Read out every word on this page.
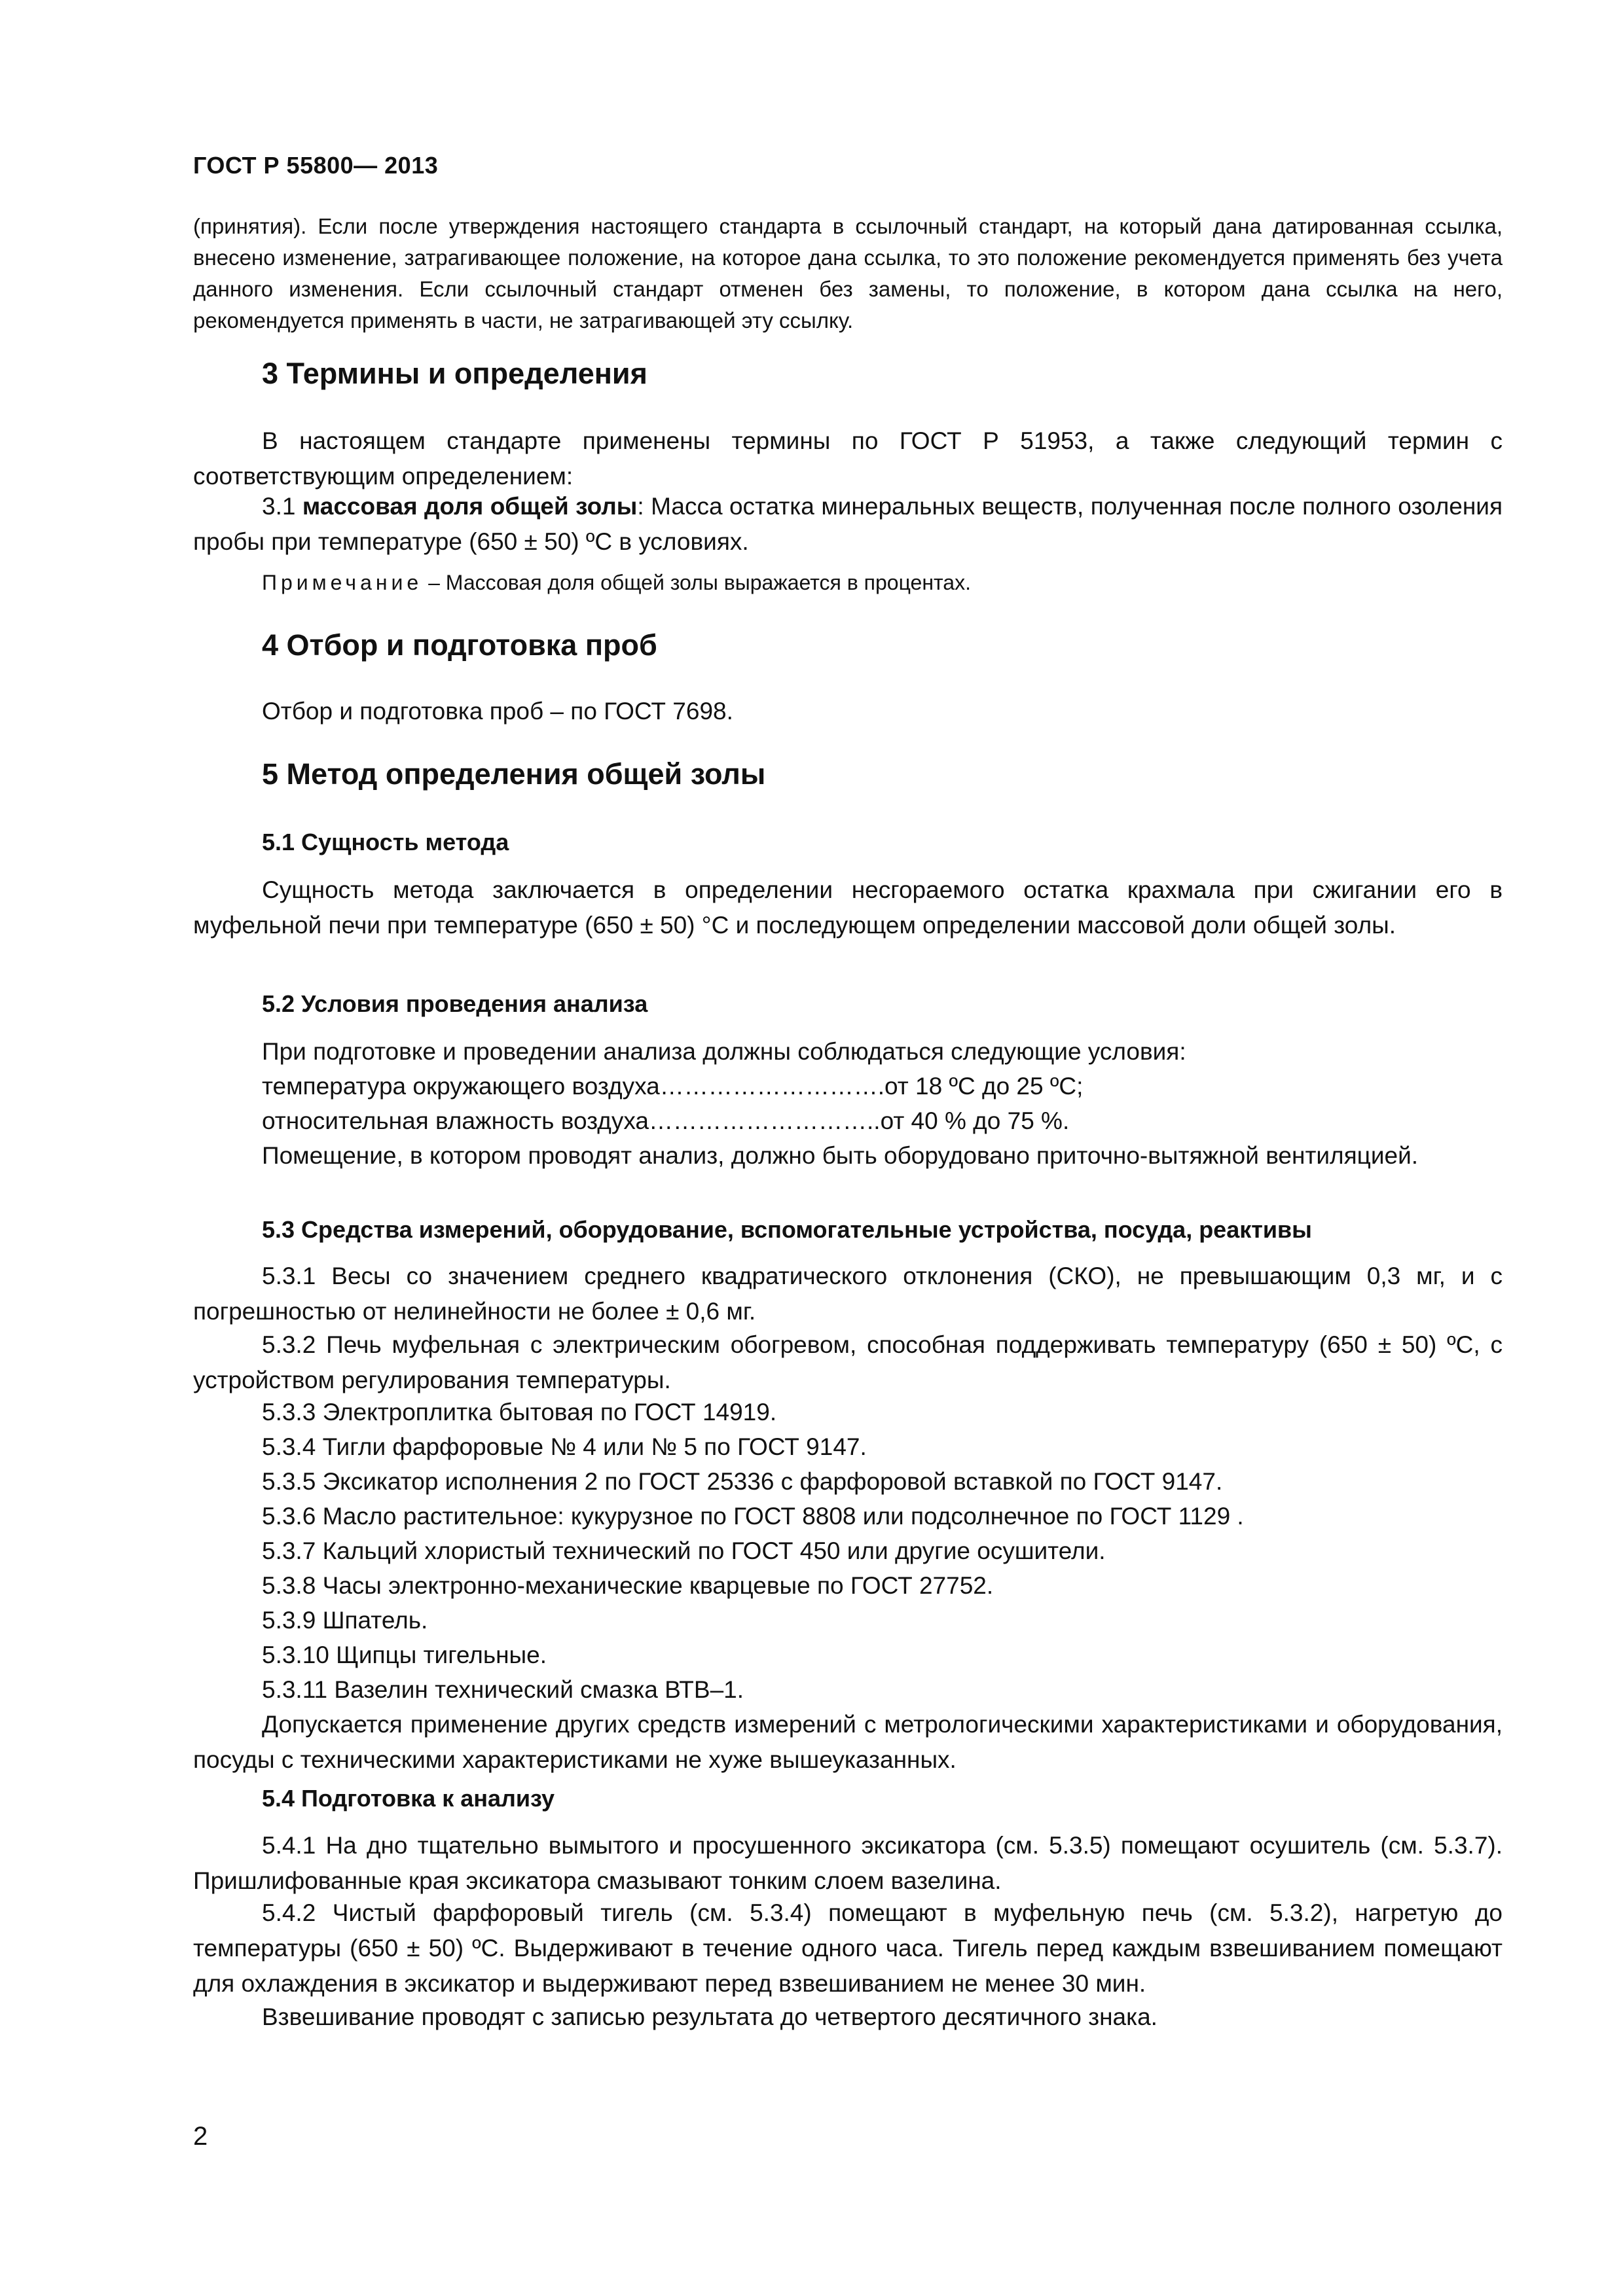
ГОСТ Р 55800— 2013

(принятия). Если после утверждения настоящего стандарта в ссылочный стандарт, на который дана датированная ссылка, внесено изменение, затрагивающее положение, на которое дана ссылка, то это положение рекомендуется применять без учета данного изменения. Если ссылочный стандарт отменен без замены, то положение, в котором дана ссылка на него, рекомендуется применять в части, не затрагивающей эту ссылку.

3 Термины и определения

В настоящем стандарте применены термины по ГОСТ Р 51953, а также следующий термин с соответствующим определением:

3.1 массовая доля общей золы: Масса остатка минеральных веществ, полученная после полного озоления пробы при температуре (650 ± 50) ºС в условиях.

Примечание – Массовая доля общей золы выражается в процентах.

4 Отбор и подготовка проб

Отбор и подготовка проб – по ГОСТ 7698.

5 Метод определения общей золы
5.1 Сущность метода

Сущность метода заключается в определении несгораемого остатка крахмала при сжигании его в муфельной печи при температуре (650 ± 50) °С и последующем определении массовой доли общей золы.

5.2 Условия проведения анализа

При подготовке и проведении анализа должны соблюдаться следующие условия:

температура окружающего воздуха……………………….от 18 ºС до 25 ºС;

относительная влажность воздуха………………………..от 40 % до 75 %.

Помещение, в котором проводят анализ, должно быть оборудовано приточно-вытяжной вентиляцией.

5.3 Средства измерений, оборудование, вспомогательные устройства, посуда, реактивы

5.3.1 Весы со значением среднего квадратического отклонения (СКО), не превышающим 0,3 мг, и с погрешностью от нелинейности не более ± 0,6 мг.

5.3.2 Печь муфельная с электрическим обогревом, способная поддерживать температуру (650 ± 50) ºС, с устройством регулирования температуры.

5.3.3 Электроплитка бытовая по ГОСТ 14919.

5.3.4 Тигли фарфоровые № 4 или № 5 по ГОСТ 9147.

5.3.5 Эксикатор исполнения 2 по ГОСТ 25336 с фарфоровой вставкой по ГОСТ 9147.

5.3.6 Масло растительное: кукурузное по ГОСТ 8808 или подсолнечное по ГОСТ 1129 .

5.3.7 Кальций хлористый технический по ГОСТ 450 или другие осушители.

5.3.8 Часы электронно-механические кварцевые по ГОСТ 27752.

5.3.9 Шпатель.

5.3.10 Щипцы тигельные.

5.3.11 Вазелин технический смазка ВТВ–1.

Допускается применение других средств измерений с метрологическими характеристиками и оборудования, посуды с техническими характеристиками не хуже вышеуказанных.

5.4 Подготовка к анализу

5.4.1 На дно тщательно вымытого и просушенного эксикатора (см. 5.3.5) помещают осушитель (см. 5.3.7). Пришлифованные края эксикатора смазывают тонким слоем вазелина.

5.4.2 Чистый фарфоровый тигель (см. 5.3.4) помещают в муфельную печь (см. 5.3.2), нагретую до температуры (650 ± 50) ºС. Выдерживают в течение одного часа. Тигель перед каждым взвешиванием помещают для охлаждения в эксикатор и выдерживают перед взвешиванием не менее 30 мин.

Взвешивание проводят с записью результата до четвертого десятичного знака.

2
